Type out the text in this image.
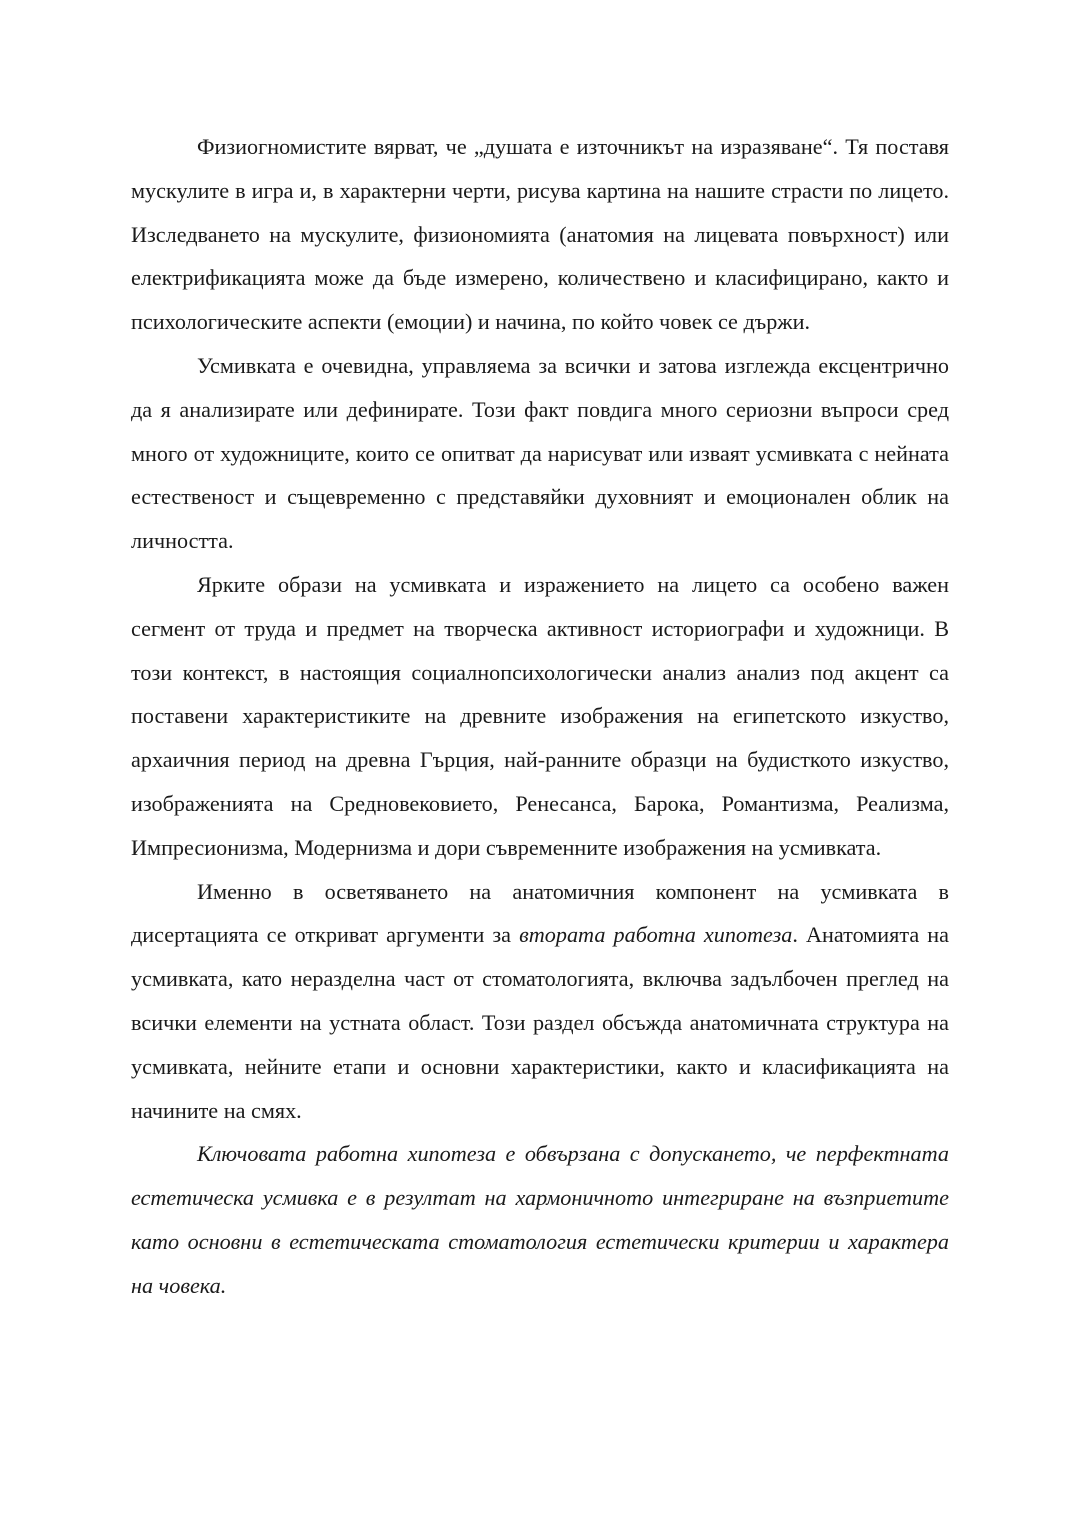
Физиогномистите вярват, че „душата е източникът на изразяване“. Тя поставя мускулите в игра и, в характерни черти, рисува картина на нашите страсти по лицето. Изследването на мускулите, физиономията (анатомия на лицевата повърхност) или електрификацията може да бъде измерено, количествено и класифицирано, както и психологическите аспекти (емоции) и начина, по който човек се държи.

Усмивката е очевидна, управляема за всички и затова изглежда ексцентрично да я анализирате или дефинирате. Този факт повдига много сериозни въпроси сред много от художниците, които се опитват да нарисуват или изваят усмивката с нейната естественост и същевременно с представяйки духовният и емоционален облик на личността.

Ярките образи на усмивката и изражението на лицето са особено важен сегмент от труда и предмет на творческа активност историографи и художници. В този контекст, в настоящия социалнопсихологически анализ анализ под акцент са поставени характеристиките на древните изображения на египетското изкуство, архаичния период на древна Гърция, най-ранните образци на будисткото изкуство, изображенията на Средновековието, Ренесанса, Барока, Романтизма, Реализма, Импресионизма, Модернизма и дори съвременните изображения на усмивката.

Именно в осветяването на анатомичния компонент на усмивката в дисертацията се откриват аргументи за втората работна хипотеза. Анатомията на усмивката, като неразделна част от стоматологията, включва задълбочен преглед на всички елементи на устната област. Този раздел обсъжда анатомичната структура на усмивката, нейните етапи и основни характеристики, както и класификацията на начините на смях.

Ключовата работна хипотеза е обвързана с допускането, че перфектната естетическа усмивка е в резултат на хармоничното интегриране на възприетите като основни в естетическата стоматология естетически критерии и характера на човека.
